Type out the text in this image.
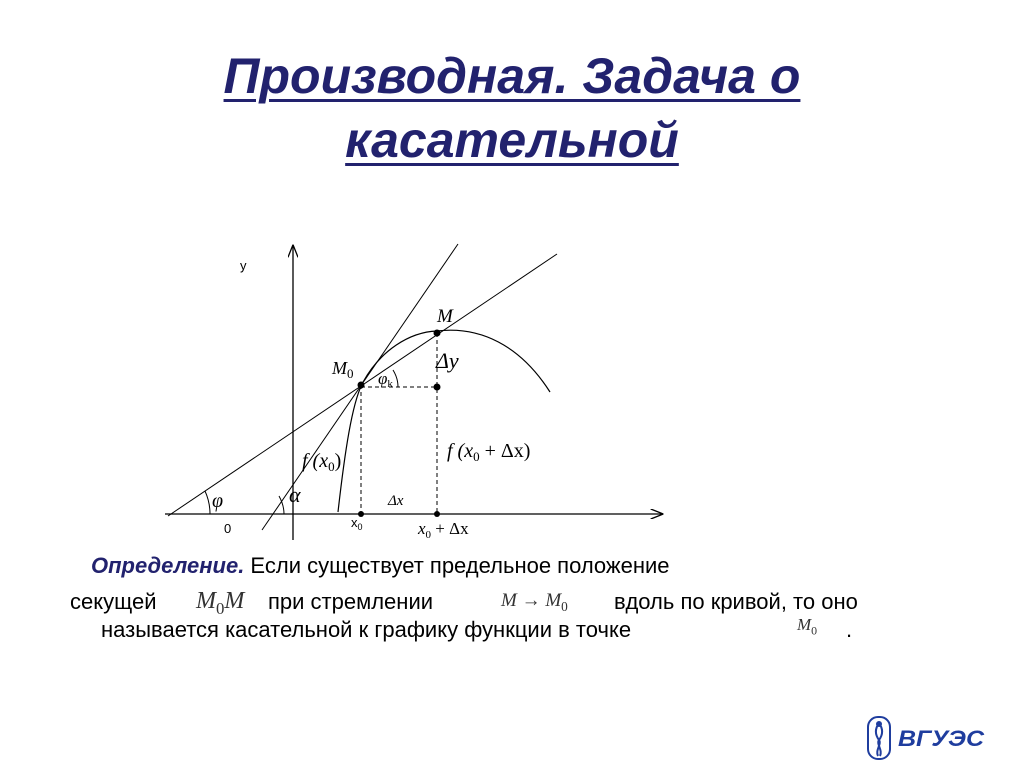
Производная. Задача о
касательной
y
0	$x_0$
M
$M_0$
Δy
φk
φ	α	Δx
f $(x_0)$	f $(x_0 + \Delta x)$
$x_0 + \Delta x$
Определение. Если существует предельное положение
секущей $M_0M$ при стремлении	$M \to M_0$ вдоль по кривой, то оно
называется касательной к графику функции в точке	$M_0$ .
ВГУЭС
